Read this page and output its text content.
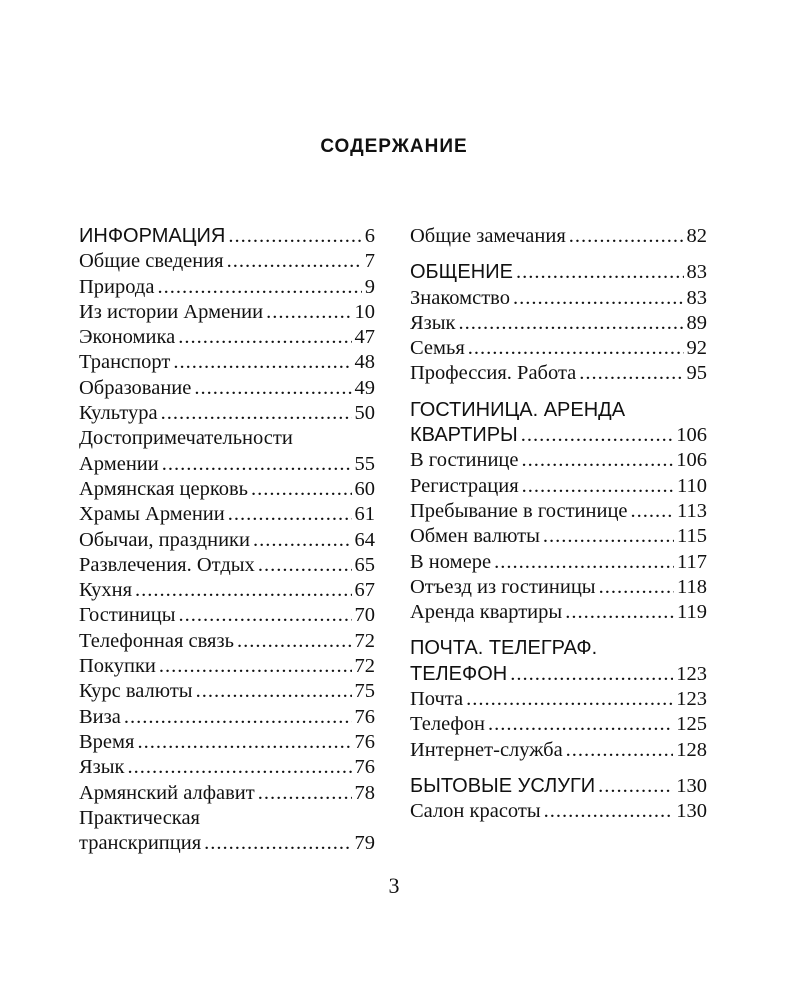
СОДЕРЖАНИЕ
ИНФОРМАЦИЯ .....	6
Общие сведения .....	7
Природа .....	9
Из истории Армении .....	10
Экономика .....	47
Транспорт .....	48
Образование .....	49
Культура .....	50
Достопримечательности
Армении .....	55
Армянская церковь .....	60
Храмы Армении .....	61
Обычаи, праздники .....	64
Развлечения. Отдых .....	65
Кухня .....	67
Гостиницы .....	70
Телефонная связь .....	72
Покупки .....	72
Курс валюты .....	75
Виза .....	76
Время .....	76
Язык .....	76
Армянский алфавит .....	78
Практическая
транскрипция .....	79
Общие замечания .....	82
ОБЩЕНИЕ .....	83
Знакомство .....	83
Язык .....	89
Семья .....	92
Профессия. Работа .....	95
ГОСТИНИЦА. АРЕНДА
КВАРТИРЫ .....	106
В гостинице .....	106
Регистрация .....	110
Пребывание в гостинице ..... 113
Обмен валюты .....	115
В номере .....	117
Отъезд из гостиницы .....	118
Аренда квартиры .....	119
ПОЧТА. ТЕЛЕГРАФ.
ТЕЛЕФОН .....	123
Почта .....	123
Телефон .....	125
Интернет-служба .....	128
БЫТОВЫЕ УСЛУГИ .....	130
Салон красоты .....	130
3
